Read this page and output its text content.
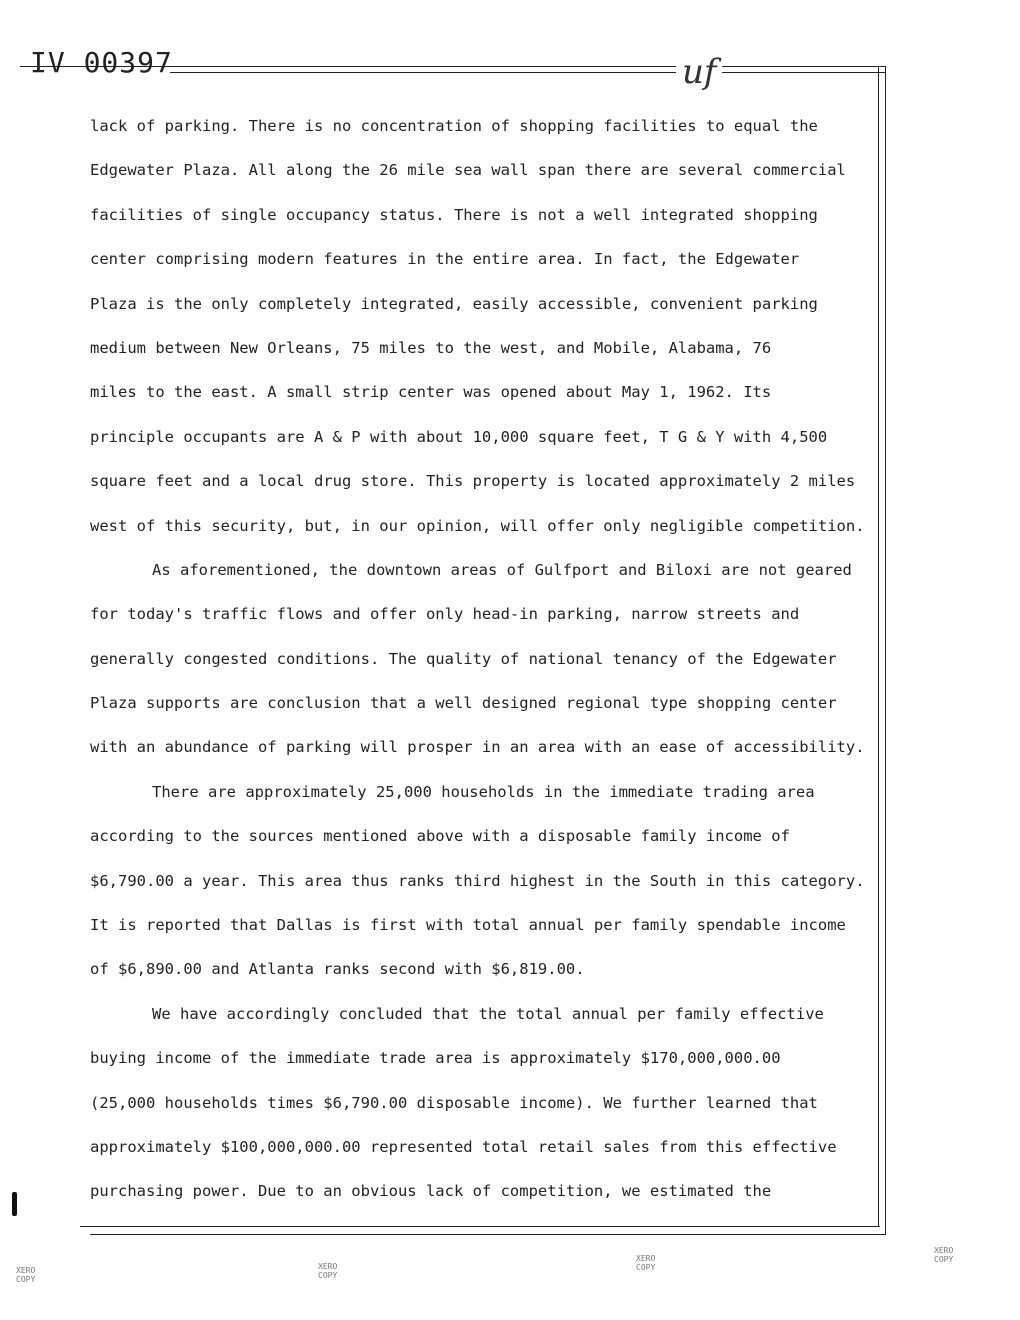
IV 00397	uf
lack of parking. There is no concentration of shopping facilities to equal the
Edgewater Plaza. All along the 26 mile sea wall span there are several commercial
facilities of single occupancy status. There is not a well integrated shopping
center comprising modern features in the entire area. In fact, the Edgewater
Plaza is the only completely integrated, easily accessible, convenient parking
medium between New Orleans, 75 miles to the west, and Mobile, Alabama, 76
miles to the east. A small strip center was opened about May 1, 1962. Its
principle occupants are A & P with about 10,000 square feet, T G & Y with 4,500
square feet and a local drug store. This property is located approximately 2 miles
west of this security, but, in our opinion, will offer only negligible competition.
As aforementioned, the downtown areas of Gulfport and Biloxi are not geared
for today's traffic flows and offer only head-in parking, narrow streets and
generally congested conditions. The quality of national tenancy of the Edgewater
Plaza supports are conclusion that a well designed regional type shopping center
with an abundance of parking will prosper in an area with an ease of accessibility.
There are approximately 25,000 households in the immediate trading area
according to the sources mentioned above with a disposable family income of
$6,790.00 a year. This area thus ranks third highest in the South in this category.
It is reported that Dallas is first with total annual per family spendable income
of $6,890.00 and Atlanta ranks second with $6,819.00.
We have accordingly concluded that the total annual per family effective
buying income of the immediate trade area is approximately $170,000,000.00
(25,000 households times $6,790.00 disposable income). We further learned that
approximately $100,000,000.00 represented total retail sales from this effective
purchasing power. Due to an obvious lack of competition, we estimated the
XERO
COPY
XERO
COPY
XERO
COPY
XERO
COPY
